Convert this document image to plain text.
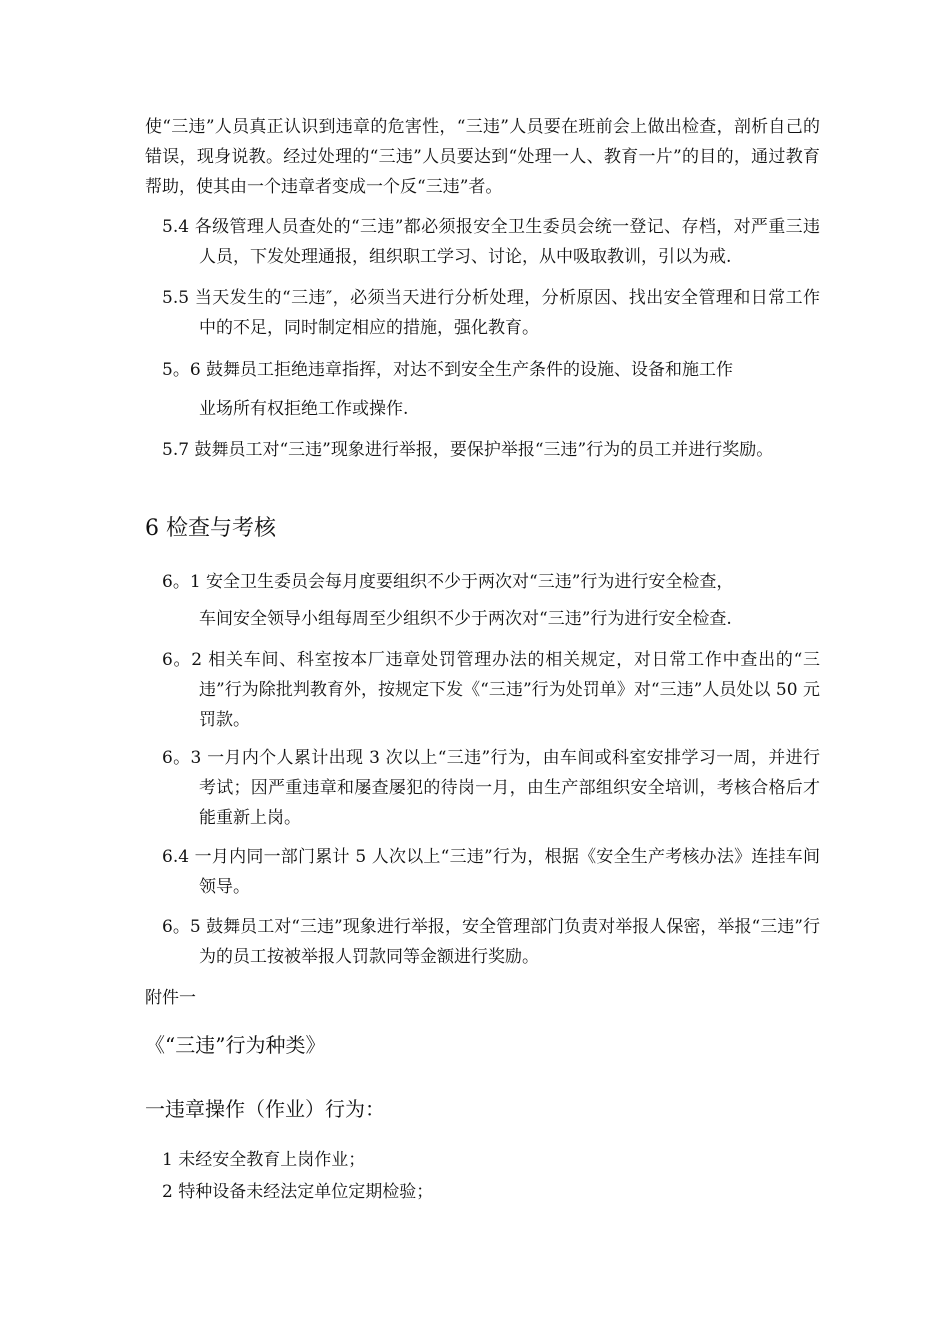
使“三违”人员真正认识到违章的危害性，“三违”人员要在班前会上做出检查，剖析自己的错误，现身说教。经过处理的“三违”人员要达到“处理一人、教育一片”的目的，通过教育帮助，使其由一个违章者变成一个反“三违”者。
5.4 各级管理人员查处的“三违”都必须报安全卫生委员会统一登记、存档，对严重三违人员，下发处理通报，组织职工学习、讨论，从中吸取教训，引以为戒.
5.5 当天发生的“三违″，必须当天进行分析处理，分析原因、找出安全管理和日常工作中的不足，同时制定相应的措施，强化教育。
5。6 鼓舞员工拒绝违章指挥，对达不到安全生产条件的设施、设备和施工作
业场所有权拒绝工作或操作.
5.7 鼓舞员工对“三违”现象进行举报，要保护举报“三违”行为的员工并进行奖励。
6 检查与考核
6。1 安全卫生委员会每月度要组织不少于两次对“三违”行为进行安全检查，
车间安全领导小组每周至少组织不少于两次对“三违”行为进行安全检查.
6。2 相关车间、科室按本厂违章处罚管理办法的相关规定，对日常工作中查出的“三违”行为除批判教育外，按规定下发《“三违”行为处罚单》对“三违”人员处以 50 元罚款。
6。3 一月内个人累计出现 3 次以上“三违”行为，由车间或科室安排学习一周，并进行考试；因严重违章和屡查屡犯的待岗一月，由生产部组织安全培训，考核合格后才能重新上岗。
6.4 一月内同一部门累计 5 人次以上“三违”行为，根据《安全生产考核办法》连挂车间领导。
6。5 鼓舞员工对“三违”现象进行举报，安全管理部门负责对举报人保密，举报“三违”行为的员工按被举报人罚款同等金额进行奖励。
附件一
《“三违”行为种类》
一违章操作（作业）行为：
1 未经安全教育上岗作业；
2 特种设备未经法定单位定期检验；
